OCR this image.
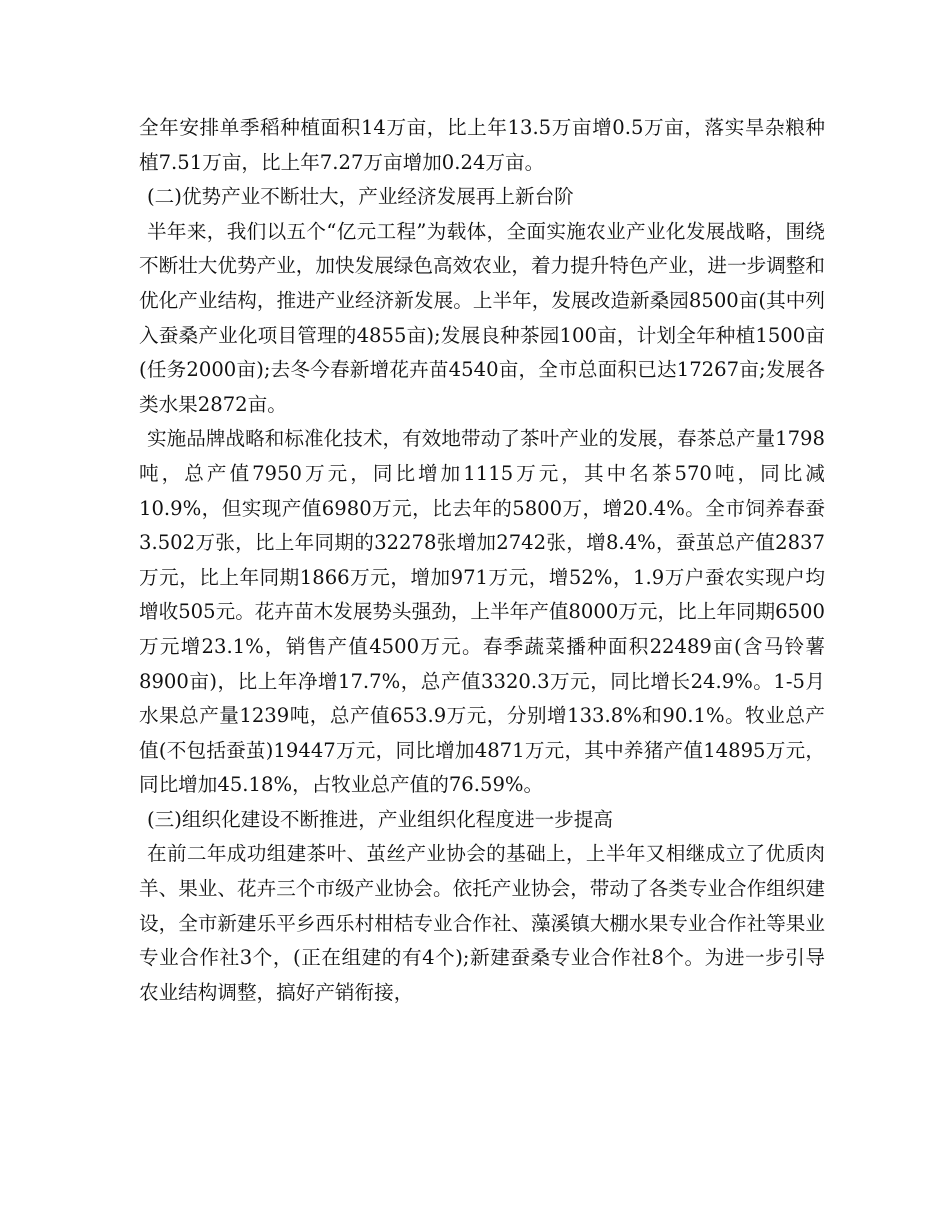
全年安排单季稻种植面积14万亩，比上年13.5万亩增0.5万亩，落实旱杂粮种植7.51万亩，比上年7.27万亩增加0.24万亩。

(二)优势产业不断壮大，产业经济发展再上新台阶

半年来，我们以五个“亿元工程”为载体，全面实施农业产业化发展战略，围绕不断壮大优势产业，加快发展绿色高效农业，着力提升特色产业，进一步调整和优化产业结构，推进产业经济新发展。上半年，发展改造新桑园8500亩(其中列入蚕桑产业化项目管理的4855亩);发展良种茶园100亩，计划全年种植1500亩(任务2000亩);去冬今春新增花卉苗4540亩，全市总面积已达17267亩;发展各类水果2872亩。

实施品牌战略和标准化技术，有效地带动了茶叶产业的发展，春茶总产量1798吨，总产值7950万元，同比增加1115万元，其中名茶570吨，同比减10.9%，但实现产值6980万元，比去年的5800万，增20.4%。全市饲养春蚕3.502万张，比上年同期的32278张增加2742张，增8.4%，蚕茧总产值2837万元，比上年同期1866万元，增加971万元，增52%，1.9万户蚕农实现户均增收505元。花卉苗木发展势头强劲，上半年产值8000万元，比上年同期6500万元增23.1%，销售产值4500万元。春季蔬菜播种面积22489亩(含马铃薯8900亩)，比上年净增17.7%，总产值3320.3万元，同比增长24.9%。1-5月水果总产量1239吨，总产值653.9万元，分别增133.8%和90.1%。牧业总产值(不包括蚕茧)19447万元，同比增加4871万元，其中养猪产值14895万元，同比增加45.18%，占牧业总产值的76.59%。

(三)组织化建设不断推进，产业组织化程度进一步提高

在前二年成功组建茶叶、茧丝产业协会的基础上，上半年又相继成立了优质肉羊、果业、花卉三个市级产业协会。依托产业协会，带动了各类专业合作组织建设，全市新建乐平乡西乐村柑桔专业合作社、藻溪镇大棚水果专业合作社等果业专业合作社3个，(正在组建的有4个);新建蚕桑专业合作社8个。为进一步引导农业结构调整，搞好产销衔接，
